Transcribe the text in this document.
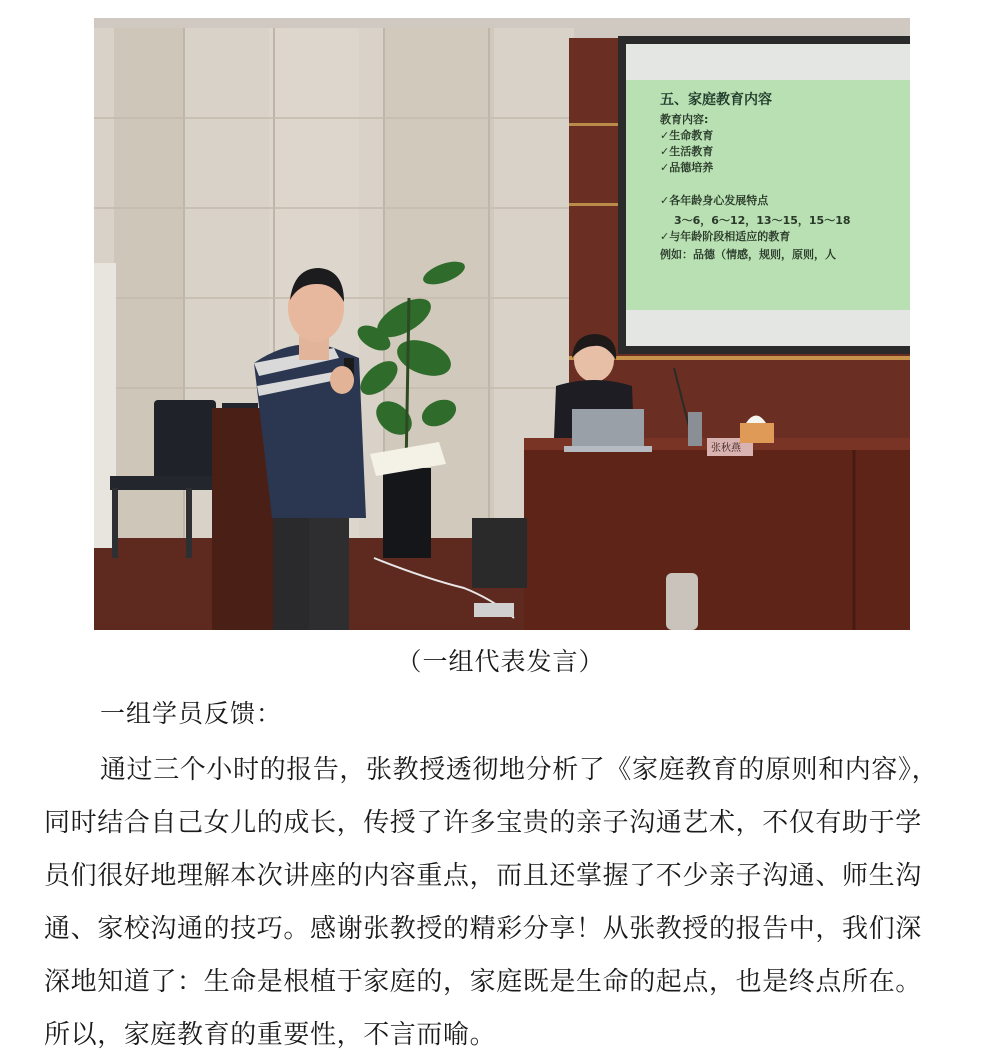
五、家庭教育内容
教育内容:
✓生命教育
✓生活教育
✓品德培养
✓各年龄身心发展特点
3～6，6～12，13～15，15～18
✓与年龄阶段相适应的教育
例如：品德（情感，规则，原则，人
张秋燕
（一组代表发言）
一组学员反馈：

通过三个小时的报告，张教授透彻地分析了《家庭教育的原则和内容》，
同时结合自己女儿的成长，传授了许多宝贵的亲子沟通艺术，不仅有助于学
员们很好地理解本次讲座的内容重点，而且还掌握了不少亲子沟通、师生沟
通、家校沟通的技巧。感谢张教授的精彩分享！从张教授的报告中，我们深
深地知道了：生命是根植于家庭的，家庭既是生命的起点，也是终点所在。
所以，家庭教育的重要性，不言而喻。
